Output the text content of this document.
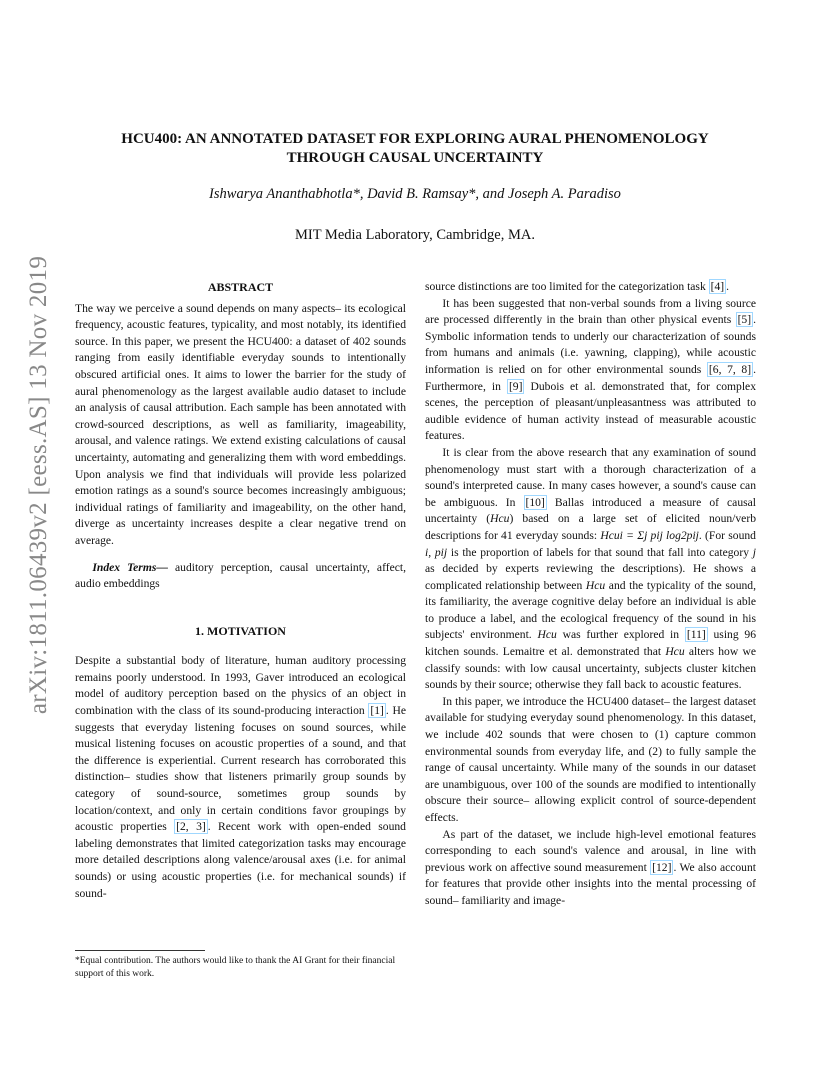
arXiv:1811.06439v2 [eess.AS] 13 Nov 2019
HCU400: AN ANNOTATED DATASET FOR EXPLORING AURAL PHENOMENOLOGY
THROUGH CAUSAL UNCERTAINTY
Ishwarya Ananthabhotla*, David B. Ramsay*, and Joseph A. Paradiso
MIT Media Laboratory, Cambridge, MA.
ABSTRACT

The way we perceive a sound depends on many aspects– its ecological frequency, acoustic features, typicality, and most notably, its identified source. In this paper, we present the HCU400: a dataset of 402 sounds ranging from easily identifiable everyday sounds to intentionally obscured artificial ones. It aims to lower the barrier for the study of aural phenomenology as the largest available audio dataset to include an analysis of causal attribution. Each sample has been annotated with crowd-sourced descriptions, as well as familiarity, imageability, arousal, and valence ratings. We extend existing calculations of causal uncertainty, automating and generalizing them with word embeddings. Upon analysis we find that individuals will provide less polarized emotion ratings as a sound's source becomes increasingly ambiguous; individual ratings of familiarity and imageability, on the other hand, diverge as uncertainty increases despite a clear negative trend on average.

Index Terms— auditory perception, causal uncertainty, affect, audio embeddings

1. MOTIVATION

Despite a substantial body of literature, human auditory processing remains poorly understood. In 1993, Gaver introduced an ecological model of auditory perception based on the physics of an object in combination with the class of its sound-producing interaction [1] . He suggests that everyday listening focuses on sound sources, while musical listening focuses on acoustic properties of a sound, and that the difference is experiential. Current research has corroborated this distinction– studies show that listeners primarily group sounds by category of sound-source, sometimes group sounds by location/context, and only in certain conditions favor groupings by acoustic properties [2, 3] . Recent work with open-ended sound labeling demonstrates that limited categorization tasks may encourage more detailed descriptions along valence/arousal axes (i.e. for animal sounds) or using acoustic properties (i.e. for mechanical sounds) if sound-

*Equal contribution. The authors would like to thank the AI Grant for their financial support of this work.

source distinctions are too limited for the categorization task [4] .

It has been suggested that non-verbal sounds from a living source are processed differently in the brain than other physical events [5] . Symbolic information tends to underly our characterization of sounds from humans and animals (i.e. yawning, clapping), while acoustic information is relied on for other environmental sounds [6, 7, 8] . Furthermore, in [9] Dubois et al. demonstrated that, for complex scenes, the perception of pleasant/unpleasantness was attributed to audible evidence of human activity instead of measurable acoustic features.

It is clear from the above research that any examination of sound phenomenology must start with a thorough characterization of a sound's interpreted cause. In many cases however, a sound's cause can be ambiguous. In [10] Ballas introduced a measure of causal uncertainty (Hcu) based on a large set of elicited noun/verb descriptions for 41 everyday sounds: Hcui = Σj pij log2pij. (For sound i, pij is the proportion of labels for that sound that fall into category j as decided by experts reviewing the descriptions). He shows a complicated relationship between Hcu and the typicality of the sound, its familiarity, the average cognitive delay before an individual is able to produce a label, and the ecological frequency of the sound in his subjects' environment. Hcu was further explored in [11] using 96 kitchen sounds. Lemaitre et al. demonstrated that Hcu alters how we classify sounds: with low causal uncertainty, subjects cluster kitchen sounds by their source; otherwise they fall back to acoustic features.

In this paper, we introduce the HCU400 dataset– the largest dataset available for studying everyday sound phenomenology. In this dataset, we include 402 sounds that were chosen to (1) capture common environmental sounds from everyday life, and (2) to fully sample the range of causal uncertainty. While many of the sounds in our dataset are unambiguous, over 100 of the sounds are modified to intentionally obscure their source– allowing explicit control of source-dependent effects.

As part of the dataset, we include high-level emotional features corresponding to each sound's valence and arousal, in line with previous work on affective sound measurement [12] . We also account for features that provide other insights into the mental processing of sound– familiarity and image-
